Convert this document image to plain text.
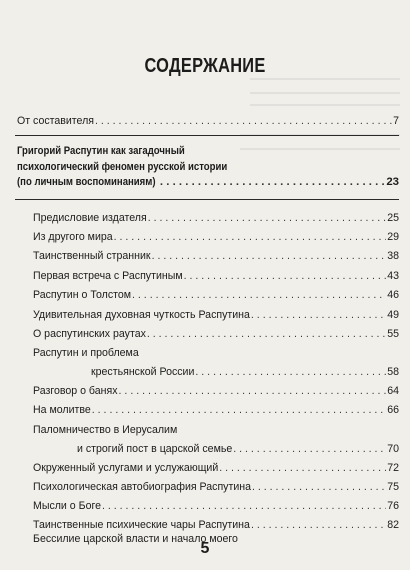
СОДЕРЖАНИЕ
От составителя . . .	7
Григорий Распутин как загадочный
психологический феномен русской истории
(по личным воспоминаниям) . . .	23
Предисловие издателя . . .	25
Из другого мира . . .	29
Таинственный странник . . .	38
Первая встреча с Распутиным . . .	43
Распутин о Толстом . . .	46
Удивительная духовная чуткость Распутина . . .	49
О распутинских раутах . . .	55
Распутин и проблема
крестьянской России . . .	58
Разговор о банях . . .	64
На молитве . . .	66
Паломничество в Иерусалим
и строгий пост в царской семье . . .	70
Окруженный услугами и услужающий . . .	72
Психологическая автобиография Распутина . . .	75
Мысли о Боге . . .	76
Таинственные психические чары Распутина . . .	82
Бессилие царской власти и начало моего
5
